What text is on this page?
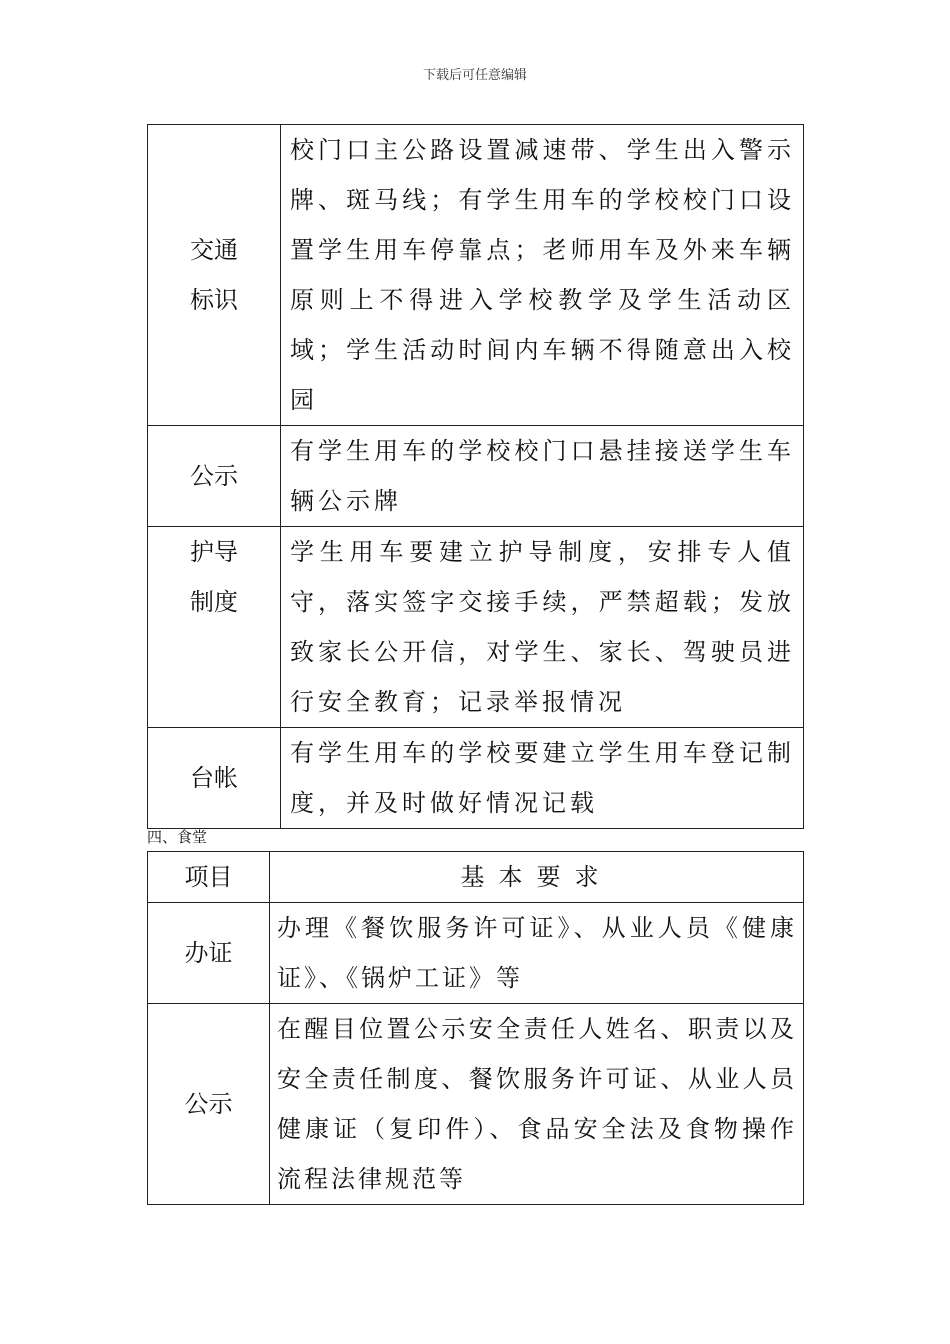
下载后可任意编辑
交通
标识	校门口主公路设置减速带、学生出入警示牌、斑马线；有学生用车的学校校门口设置学生用车停靠点；老师用车及外来车辆原则上不得进入学校教学及学生活动区域；学生活动时间内车辆不得随意出入校园

公示	有学生用车的学校校门口悬挂接送学生车辆公示牌

护导
制度	学生用车要建立护导制度，安排专人值守，落实签字交接手续，严禁超载；发放致家长公开信，对学生、家长、驾驶员进行安全教育；记录举报情况

台帐	有学生用车的学校要建立学生用车登记制度，并及时做好情况记载
四、食堂
项目	基本要求
办证	办理《餐饮服务许可证》、从业人员《健康证》、《锅炉工证》等
公示	在醒目位置公示安全责任人姓名、职责以及安全责任制度、餐饮服务许可证、从业人员健康证（复印件）、食品安全法及食物操作流程法律规范等
